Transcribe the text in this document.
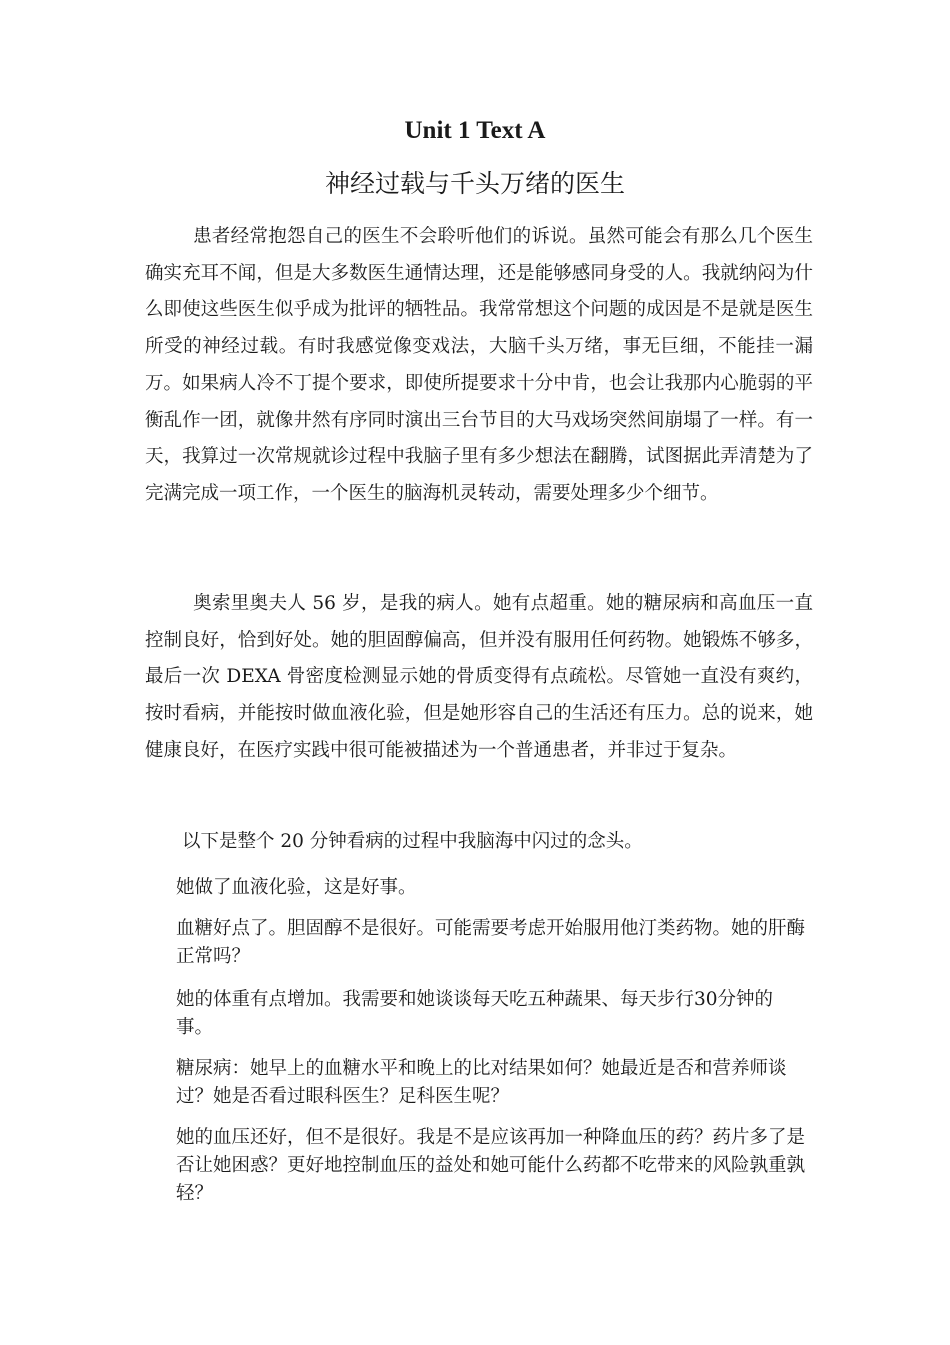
Unit 1 Text A
神经过载与千头万绪的医生

患者经常抱怨自己的医生不会聆听他们的诉说。虽然可能会有那么几个医生确实充耳不闻，但是大多数医生通情达理，还是能够感同身受的人。我就纳闷为什么即使这些医生似乎成为批评的牺牲品。我常常想这个问题的成因是不是就是医生所受的神经过载。有时我感觉像变戏法，大脑千头万绪，事无巨细，不能挂一漏万。如果病人冷不丁提个要求，即使所提要求十分中肯，也会让我那内心脆弱的平衡乱作一团，就像井然有序同时演出三台节目的大马戏场突然间崩塌了一样。有一天，我算过一次常规就诊过程中我脑子里有多少想法在翻腾，试图据此弄清楚为了完满完成一项工作，一个医生的脑海机灵转动，需要处理多少个细节。

奥索里奥夫人 56 岁，是我的病人。她有点超重。她的糖尿病和高血压一直控制良好，恰到好处。她的胆固醇偏高，但并没有服用任何药物。她锻炼不够多，最后一次 DEXA 骨密度检测显示她的骨质变得有点疏松。尽管她一直没有爽约，按时看病，并能按时做血液化验，但是她形容自己的生活还有压力。总的说来，她健康良好，在医疗实践中很可能被描述为一个普通患者，并非过于复杂。

以下是整个 20 分钟看病的过程中我脑海中闪过的念头。

她做了血液化验，这是好事。

血糖好点了。胆固醇不是很好。可能需要考虑开始服用他汀类药物。她的肝酶正常吗？

她的体重有点增加。我需要和她谈谈每天吃五种蔬果、每天步行30分钟的事。

糖尿病：她早上的血糖水平和晚上的比对结果如何？她最近是否和营养师谈过？她是否看过眼科医生？足科医生呢？

她的血压还好，但不是很好。我是不是应该再加一种降血压的药？药片多了是否让她困惑？更好地控制血压的益处和她可能什么药都不吃带来的风险孰重孰轻？
